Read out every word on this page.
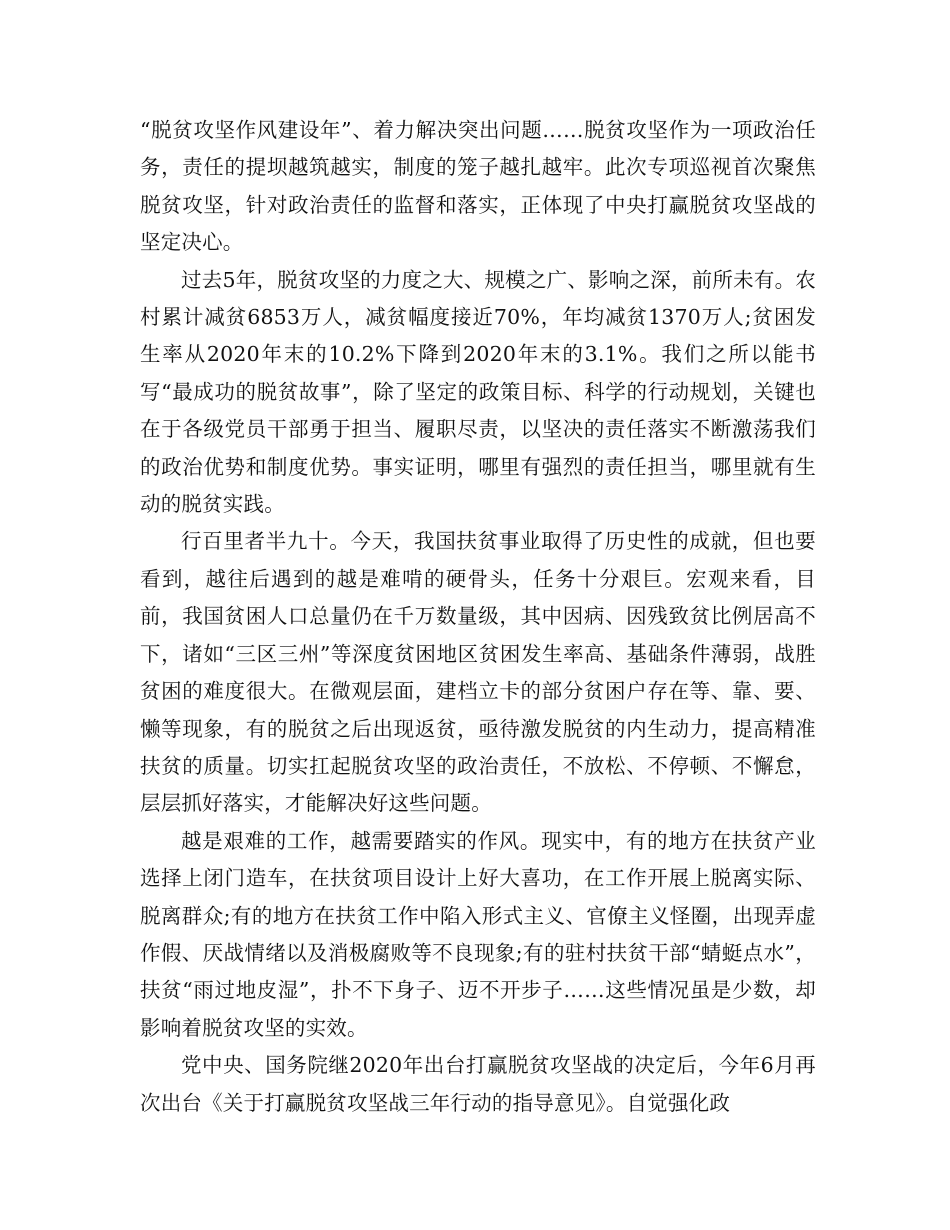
“脱贫攻坚作风建设年”、着力解决突出问题……脱贫攻坚作为一项政治任务，责任的提坝越筑越实，制度的笼子越扎越牢。此次专项巡视首次聚焦脱贫攻坚，针对政治责任的监督和落实，正体现了中央打赢脱贫攻坚战的坚定决心。

过去5年，脱贫攻坚的力度之大、规模之广、影响之深，前所未有。农村累计减贫6853万人，减贫幅度接近70%，年均减贫1370万人;贫困发生率从2020年末的10.2%下降到2020年末的3.1%。我们之所以能书写“最成功的脱贫故事”，除了坚定的政策目标、科学的行动规划，关键也在于各级党员干部勇于担当、履职尽责，以坚决的责任落实不断激荡我们的政治优势和制度优势。事实证明，哪里有强烈的责任担当，哪里就有生动的脱贫实践。

行百里者半九十。今天，我国扶贫事业取得了历史性的成就，但也要看到，越往后遇到的越是难啃的硬骨头，任务十分艰巨。宏观来看，目前，我国贫困人口总量仍在千万数量级，其中因病、因残致贫比例居高不下，诸如“三区三州”等深度贫困地区贫困发生率高、基础条件薄弱，战胜贫困的难度很大。在微观层面，建档立卡的部分贫困户存在等、靠、要、懒等现象，有的脱贫之后出现返贫，亟待激发脱贫的内生动力，提高精准扶贫的质量。切实扛起脱贫攻坚的政治责任，不放松、不停顿、不懈怠，层层抓好落实，才能解决好这些问题。

越是艰难的工作，越需要踏实的作风。现实中，有的地方在扶贫产业选择上闭门造车，在扶贫项目设计上好大喜功，在工作开展上脱离实际、脱离群众;有的地方在扶贫工作中陷入形式主义、官僚主义怪圈，出现弄虚作假、厌战情绪以及消极腐败等不良现象;有的驻村扶贫干部“蜻蜓点水”，扶贫“雨过地皮湿”，扑不下身子、迈不开步子……这些情况虽是少数，却影响着脱贫攻坚的实效。

党中央、国务院继2020年出台打赢脱贫攻坚战的决定后，今年6月再次出台《关于打赢脱贫攻坚战三年行动的指导意见》。自觉强化政
